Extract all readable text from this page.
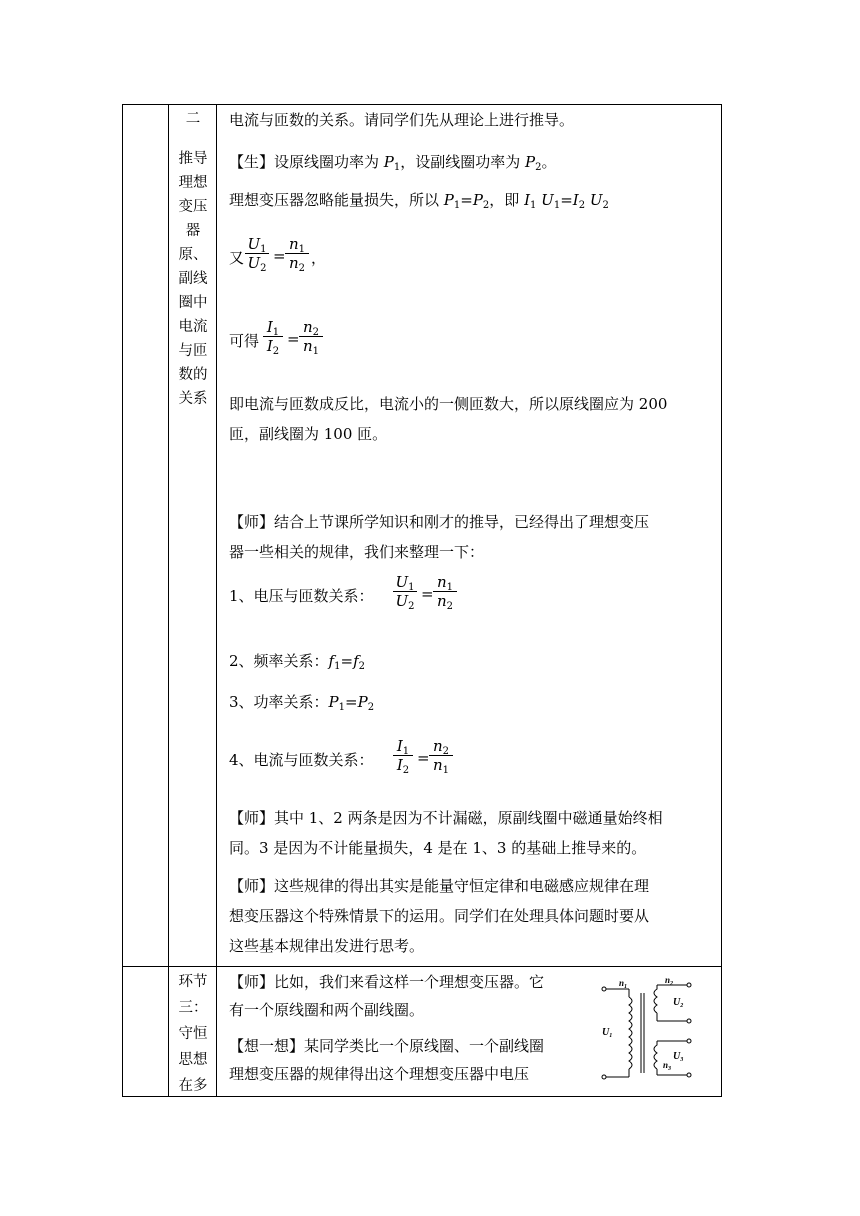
二
推导
理想
变压
器
原、
副线
圈中
电流
与匝
数的
关系
电流与匝数的关系。请同学们先从理论上进行推导。
【生】设原线圈功率为 $P_1$，设副线圈功率为 $P_2$。
理想变压器忽略能量损失，所以 $P_1=P_2$，即 $I_1$ $U_1=I_2$ $U_2$
又
$U_1$
$U_2$
=
$n_1$
$n_2$
，
可得
$I_1$
$I_2$
=
$n_2$
$n_1$
即电流与匝数成反比，电流小的一侧匝数大，所以原线圈应为 200
匝，副线圈为 100 匝。
【师】结合上节课所学知识和刚才的推导，已经得出了理想变压
器一些相关的规律，我们来整理一下：
1、电压与匝数关系：
$U_1$
$U_2$
=
$n_1$
$n_2$
2、频率关系：$f_1=f_2$
3、功率关系：$P_1=P_2$
4、电流与匝数关系：
$I_1$
$I_2$
=
$n_2$
$n_1$
【师】其中 1、2 两条是因为不计漏磁，原副线圈中磁通量始终相
同。3 是因为不计能量损失，4 是在 1、3 的基础上推导来的。
【师】这些规律的得出其实是能量守恒定律和电磁感应规律在理
想变压器这个特殊情景下的运用。同学们在处理具体问题时要从
这些基本规律出发进行思考。
环节
三：
守恒
思想
在多
【师】比如，我们来看这样一个理想变压器。它
有一个原线圈和两个副线圈。
【想一想】某同学类比一个原线圈、一个副线圈
理想变压器的规律得出这个理想变压器中电压
$n_1$
$n_2$
$U_2$
$U_1$
$U_3$
$n_3$
